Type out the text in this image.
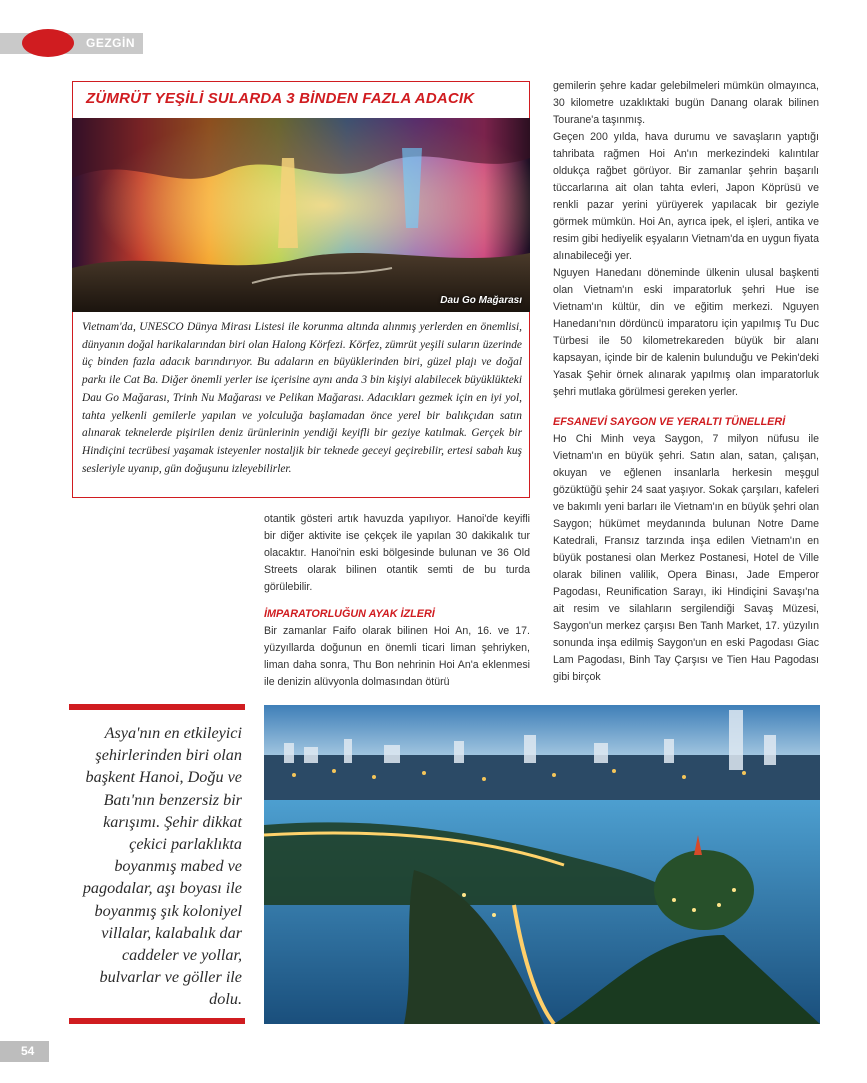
GEZGİN
ZÜMRÜT YEŞİLİ SULARDA 3 BİNDEN FAZLA ADACIK
Dau Go Mağarası

Vietnam'da, UNESCO Dünya Mirası Listesi ile korunma altında alınmış yerlerden en önemlisi, dünyanın doğal harikalarından biri olan Halong Körfezi. Körfez, zümrüt yeşili suların üzerinde üç binden fazla adacık barındırıyor. Bu adaların en büyüklerinden biri, güzel plajı ve doğal parkı ile Cat Ba. Diğer önemli yerler ise içerisine aynı anda 3 bin kişiyi alabilecek büyüklükteki Dau Go Mağarası, Trinh Nu Mağarası ve Pelikan Mağarası. Adacıkları gezmek için en iyi yol, tahta yelkenli gemilerle yapılan ve yolculuğa başlamadan önce yerel bir balıkçıdan satın alınarak teknelerde pişirilen deniz ürünlerinin yendiği keyifli bir geziye katılmak. Gerçek bir Hindiçini tecrübesi yaşamak isteyenler nostaljik bir teknede geceyi geçirebilir, ertesi sabah kuş sesleriyle uyanıp, gün doğuşunu izleyebilirler.

otantik gösteri artık havuzda yapılıyor. Hanoi'de keyifli bir diğer aktivite ise çekçek ile yapılan 30 dakikalık tur olacaktır. Hanoi'nin eski bölgesinde bulunan ve 36 Old Streets olarak bilinen otantik semti de bu turda görülebilir.

İMPARATORLUĞUN AYAK İZLERİ

Bir zamanlar Faifo olarak bilinen Hoi An, 16. ve 17. yüzyıllarda doğunun en önemli ticari liman şehriyken, liman daha sonra, Thu Bon nehrinin Hoi An'a eklenmesi ile denizin alüvyonla dolmasından ötürü

gemilerin şehre kadar gelebilmeleri mümkün olmayınca, 30 kilometre uzaklıktaki bugün Danang olarak bilinen Tourane'a taşınmış.

Geçen 200 yılda, hava durumu ve savaşların yaptığı tahribata rağmen Hoi An'ın merkezindeki kalıntılar oldukça rağbet görüyor. Bir zamanlar şehrin başarılı tüccarlarına ait olan tahta evleri, Japon Köprüsü ve renkli pazar yerini yürüyerek yapılacak bir geziyle görmek mümkün. Hoi An, ayrıca ipek, el işleri, antika ve resim gibi hediyelik eşyaların Vietnam'da en uygun fiyata alınabileceği yer.

Nguyen Hanedanı döneminde ülkenin ulusal başkenti olan Vietnam'ın eski imparatorluk şehri Hue ise Vietnam'ın kültür, din ve eğitim merkezi. Nguyen Hanedanı'nın dördüncü imparatoru için yapılmış Tu Duc Türbesi ile 50 kilometrekareden büyük bir alanı kapsayan, içinde bir de kalenin bulunduğu ve Pekin'deki Yasak Şehir örnek alınarak yapılmış olan imparatorluk şehri mutlaka görülmesi gereken yerler.

EFSANEVİ SAYGON VE YERALTI TÜNELLERİ

Ho Chi Minh veya Saygon, 7 milyon nüfusu ile Vietnam'ın en büyük şehri. Satın alan, satan, çalışan, okuyan ve eğlenen insanlarla herkesin meşgul gözüktüğü şehir 24 saat yaşıyor. Sokak çarşıları, kafeleri ve bakımlı yeni barları ile Vietnam'ın en büyük şehri olan Saygon; hükümet meydanında bulunan Notre Dame Katedrali, Fransız tarzında inşa edilen Vietnam'ın en büyük postanesi olan Merkez Postanesi, Hotel de Ville olarak bilinen valilik, Opera Binası, Jade Emperor Pagodası, Reunification Sarayı, iki Hindiçini Savaşı'na ait resim ve silahların sergilendiği Savaş Müzesi, Saygon'un merkez çarşısı Ben Tanh Market, 17. yüzyılın sonunda inşa edilmiş Saygon'un en eski Pagodası Giac Lam Pagodası, Binh Tay Çarşısı ve Tien Hau Pagodası gibi birçok

Asya'nın en etkileyici şehirlerinden biri olan başkent Hanoi, Doğu ve Batı'nın benzersiz bir karışımı. Şehir dikkat çekici parlaklıkta boyanmış mabed ve pagodalar, aşı boyası ile boyanmış şık koloniyel villalar, kalabalık dar caddeler ve yollar, bulvarlar ve göller ile dolu.

54
